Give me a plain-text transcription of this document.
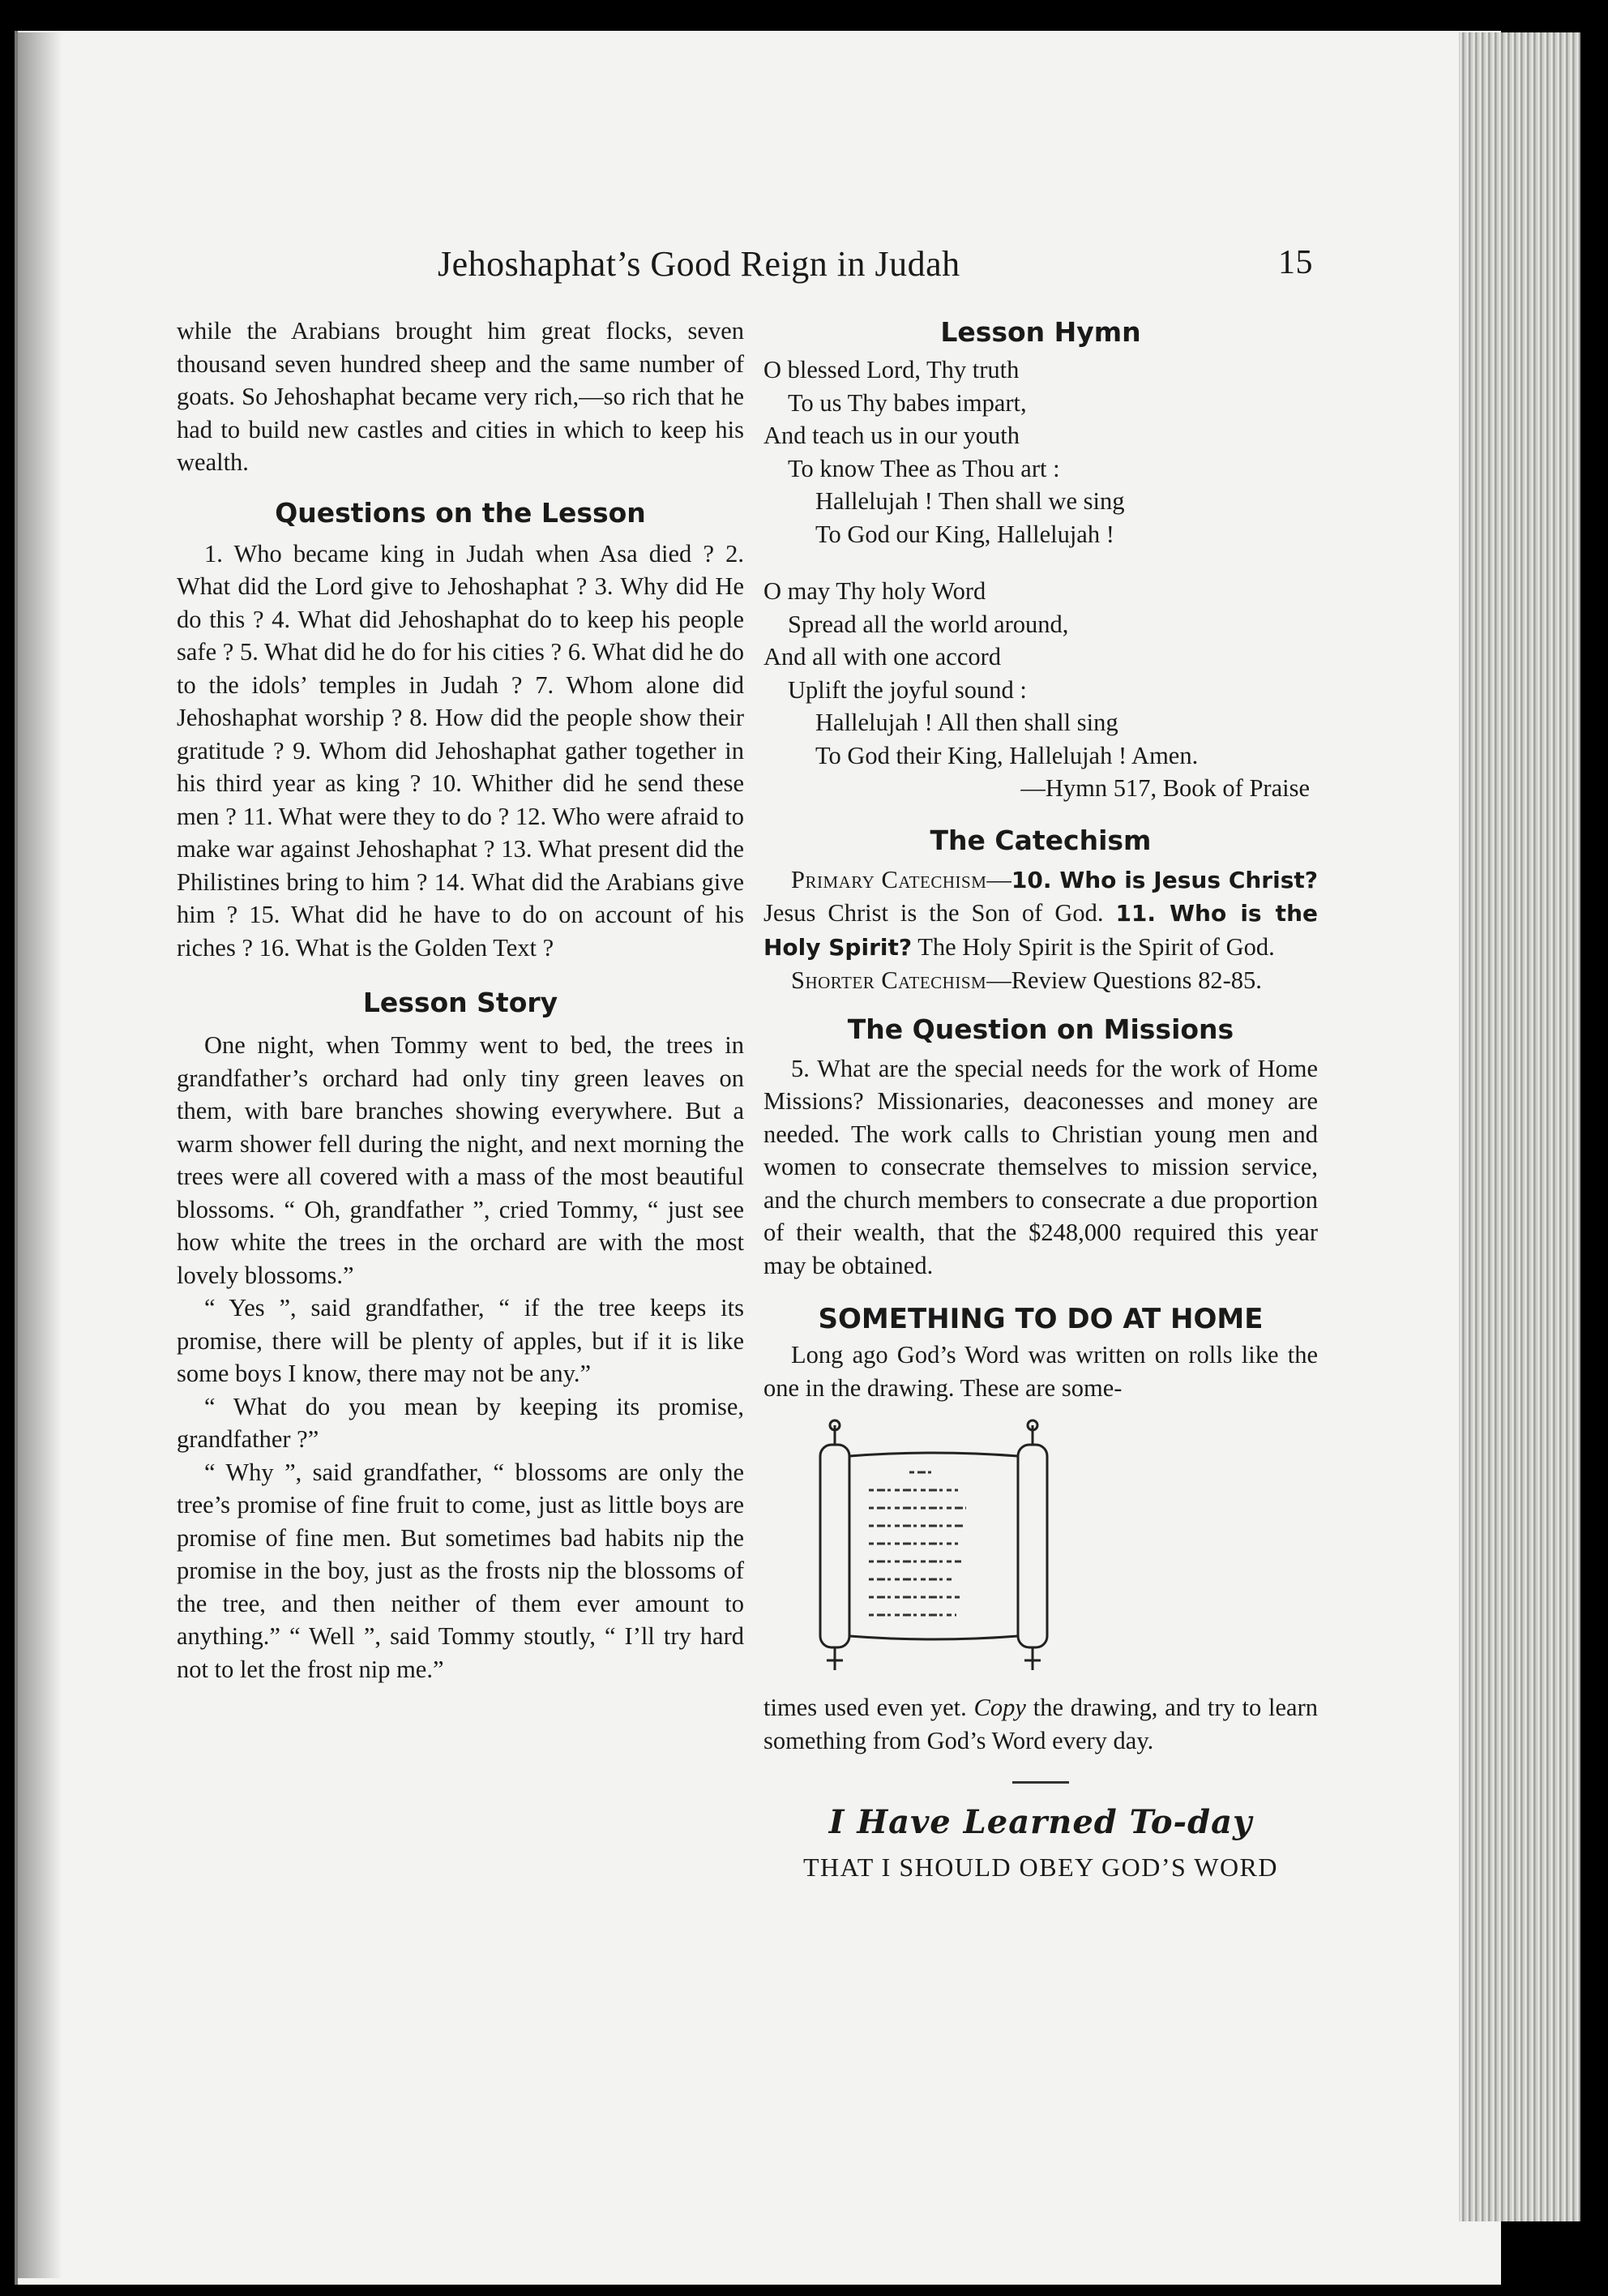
Jehoshaphat’s Good Reign in Judah	15

while the Arabians brought him great flocks, seven thousand seven hundred sheep and the same number of goats. So Jehoshaphat became very rich,—so rich that he had to build new castles and cities in which to keep his wealth.

Questions on the Lesson

1. Who became king in Judah when Asa died ? 2. What did the Lord give to Jehoshaphat ? 3. Why did He do this ? 4. What did Jehoshaphat do to keep his people safe ? 5. What did he do for his cities ? 6. What did he do to the idols’ temples in Judah ? 7. Whom alone did Jehoshaphat worship ? 8. How did the people show their gratitude ? 9. Whom did Jehoshaphat gather together in his third year as king ? 10. Whither did he send these men ? 11. What were they to do ? 12. Who were afraid to make war against Jehoshaphat ? 13. What present did the Philistines bring to him ? 14. What did the Arabians give him ? 15. What did he have to do on account of his riches ? 16. What is the Golden Text ?

Lesson Story

One night, when Tommy went to bed, the trees in grandfather’s orchard had only tiny green leaves on them, with bare branches showing everywhere. But a warm shower fell during the night, and next morning the trees were all covered with a mass of the most beautiful blossoms. “ Oh, grandfather ”, cried Tommy, “ just see how white the trees in the orchard are with the most lovely blossoms.”

“ Yes ”, said grandfather, “ if the tree keeps its promise, there will be plenty of apples, but if it is like some boys I know, there may not be any.”

“ What do you mean by keeping its promise, grandfather ?”

“ Why ”, said grandfather, “ blossoms are only the tree’s promise of fine fruit to come, just as little boys are promise of fine men. But sometimes bad habits nip the promise in the boy, just as the frosts nip the blossoms of the tree, and then neither of them ever amount to anything.” “ Well ”, said Tommy stoutly, “ I’ll try hard not to let the frost nip me.”

Lesson Hymn
O blessed Lord, Thy truth
To us Thy babes impart,
And teach us in our youth
To know Thee as Thou art :
Hallelujah ! Then shall we sing
To God our King, Hallelujah !
O may Thy holy Word
Spread all the world around,
And all with one accord
Uplift the joyful sound :
Hallelujah ! All then shall sing
To God their King, Hallelujah ! Amen.
—Hymn 517, Book of Praise
The Catechism

Primary Catechism—10. Who is Jesus Christ? Jesus Christ is the Son of God. 11. Who is the Holy Spirit? The Holy Spirit is the Spirit of God.

Shorter Catechism—Review Questions 82-85.

The Question on Missions

5. What are the special needs for the work of Home Missions? Missionaries, deaconesses and money are needed. The work calls to Christian young men and women to consecrate themselves to mission service, and the church members to consecrate a due proportion of their wealth, that the $248,000 required this year may be obtained.

SOMETHING TO DO AT HOME

Long ago God’s Word was written on rolls like the one in the drawing. These are some-

times used even yet. Copy the drawing, and try to learn something from God’s Word every day.

I Have Learned To-day
THAT I SHOULD OBEY GOD’S WORD
